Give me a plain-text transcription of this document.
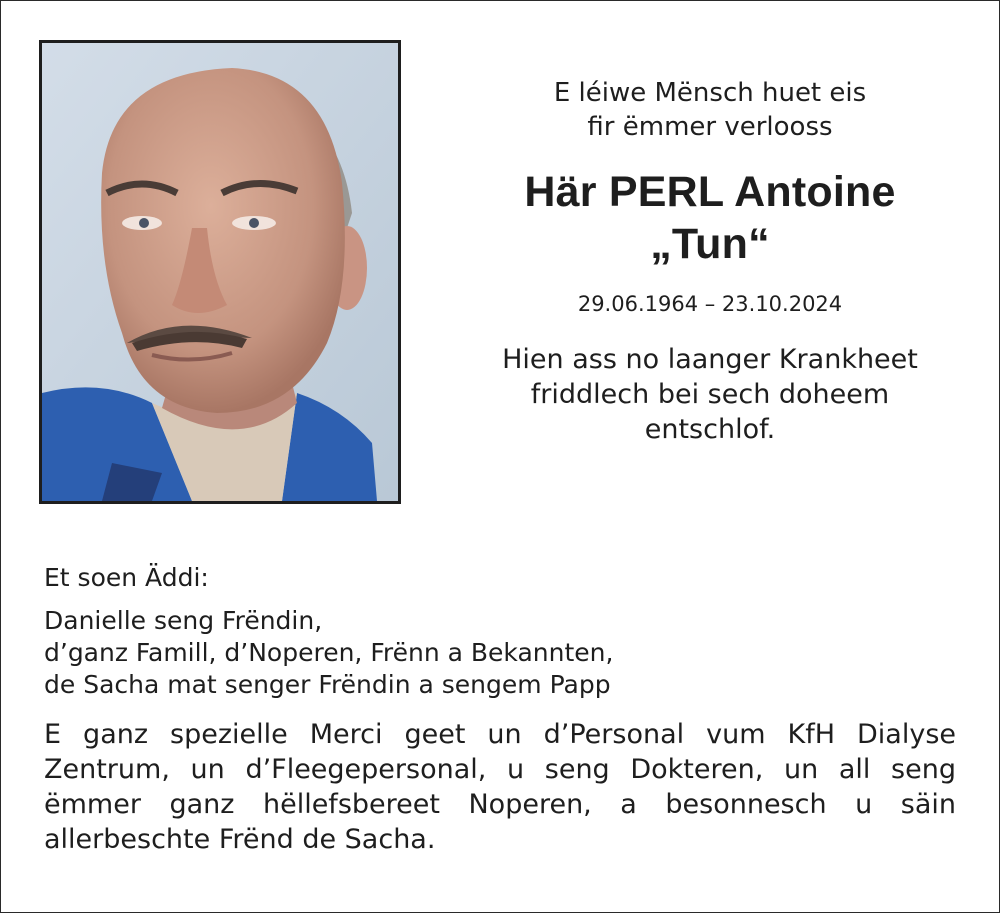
E léiwe Mënsch huet eis
fir ëmmer verlooss

Här PERL Antoine
„Tun“

29.06.1964 – 23.10.2024

Hien ass no laanger Krankheet
friddlech bei sech doheem
entschlof.

Et soen Äddi:

Danielle seng Frëndin,
d’ganz Famill, d’Noperen, Frënn a Bekannten,
de Sacha mat senger Frëndin a sengem Papp

E ganz spezielle Merci geet un d’Personal vum KfH Dialyse Zentrum, un d’Fleegepersonal, u seng Dokteren, un all seng ëmmer ganz hëllefsbereet Noperen, a besonnesch u säin allerbeschte Frënd de Sacha.
